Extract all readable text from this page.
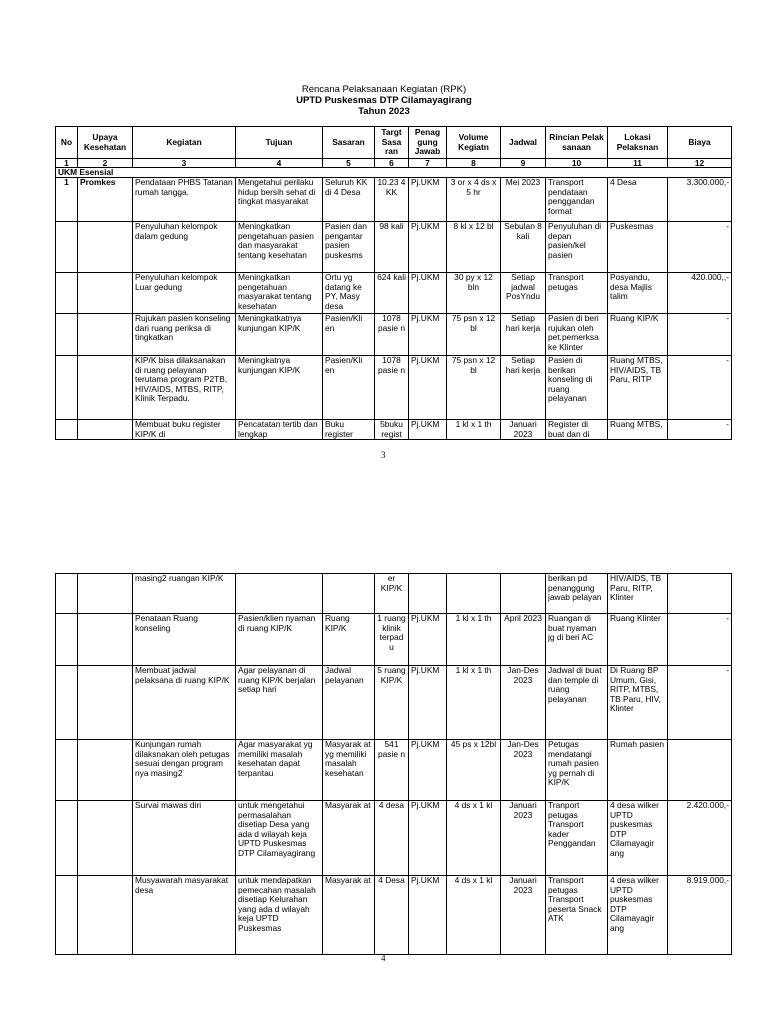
Rencana Pelaksanaan Kegiatan (RPK)
UPTD Puskesmas DTP Cilamayagirang
Tahun 2023
No	Upaya Kesehatan	Kegiatan	Tujuan	Sasaran	Targt Sasa ran	Penag gung Jawab	Volume Kegiatn	Jadwal	Rincian Pelak sanaan	Lokasi Pelaksnan	Biaya
1	2	3	4	5	6	7	8	9	10	11	12
UKM Esensial											
1	Promkes	Pendataan PHBS Tatanan rumah tangga.	Mengetahui perilaku hidup bersih sehat di tingkat masyarakat	Seluruh KK di 4 Desa	10.23 4 KK	Pj.UKM	3 or x 4 ds x 5 hr	Mei 2023	Transport pendataan penggandan format	4 Desa	3.300.000,-
		Penyuluhan kelompok dalam gedung	Meningkatkan pengetahuan pasien dan masyarakat tentang kesehatan	Pasien dan pengantar pasien puskesms	98 kali	Pj.UKM	8 kl x 12 bl	Sebulan 8 kali	Penyuluhan di depan pasien/kel pasien	Puskesmas	-
		Penyuluhan kelompok Luar gedung	Meningkatkan pengetahuan masyarakat tentang kesehatan	Ortu yg datang ke PY, Masy desa	624 kali	Pj.UKM	30 py x 12 bln	Setiap jadwal PosYndu	Transport petugas	Posyandu, desa Majlis talim	420.000,,-
		Rujukan pasien konseling dari ruang periksa di tingkatkan	Meningkatkatnya kunjungan KIP/K	Pasien/Kli en	1078 pasie n	Pj.UKM	75 psn x 12 bl	Setiap hari kerja	Pasien di beri rujukan oleh pet.pemerksa ke Klinter	Ruang KIP/K	-
		KIP/K bisa dilaksanakan di ruang pelayanan terutama program P2TB, HIV/AIDS, MTBS, RITP, Klinik Terpadu.	Meningkatnya kunjungan KIP/K	Pasien/Kli en	1078 pasie n	Pj.UKM	75 psn x 12 bl	Setiap hari kerja	Pasien di berikan konseling di ruang pelayanan	Ruang MTBS, HIV/AIDS, TB Paru, RITP	-
		Membuat buku register KIP/K di	Pencatatan tertib dan lengkap	Buku register	5buku regist	Pj.UKM	1 kl x 1 th	Januari 2023	Register di buat dan di	Ruang MTBS,	-
3
		masing2 ruangan KIP/K			er KIP/K				berikan pd penanggung jawab pelayan	HIV/AIDS, TB Paru, RITP, Klinter	
		Penataan Ruang konseling	Pasien/klien nyaman di ruang KIP/K	Ruang KIP/K	1 ruang klinik terpad u	Pj.UKM	1 kl x 1 th	April 2023	Ruangan di buat nyaman jg di beri AC	Ruang Klinter	-
		Membuat jadwal pelaksana di ruang KIP/K	Agar pelayanan di ruang KIP/K berjalan setiap hari	Jadwal pelayanan	5 ruang KIP/K	Pj.UKM	1 kl x 1 th	Jan-Des 2023	Jadwal di buat dan temple di ruang pelayanan	Di Ruang BP Umum, Gisi, RITP, MTBS, TB Paru, HIV, Klinter	-
		Kunjungan rumah dilaksnakan oleh petugas sesuai dengan program nya masing2	Agar masyarakat yg memiliki masalah kesehatan dapat terpantau	Masyarak at yg memiliki masalah kesehatan	541 pasie n	Pj.UKM	45 ps x 12bl	Jan-Des 2023	Petugas mendatangi rumah pasien yg pernah di KIP/K	Rumah pasien	
		Survai mawas diri	untuk mengetahui permasalahan disetiap Desa yang ada d wilayah keja UPTD Puskesmas DTP Cilamayagirang	Masyarak at	4 desa	Pj.UKM	4 ds x 1 kl	Januari 2023	Tranport petugas Transport kader Penggandan	4 desa wilker UPTD puskesmas DTP Cilamayagir ang	2.420.000,-
		Musyawarah masyarakat desa	untuk mendapatkan pemecahan masalah disetiap Kelurahan yang ada d wilayah keja UPTD Puskesmas	Masyarak at	4 Desa	Pj.UKM	4 ds x 1 kl	Januari 2023	Transport petugas Transport peserta Snack ATK	4 desa wilker UPTD puskesmas DTP Cilamayagir ang	8.919.000,-
4
